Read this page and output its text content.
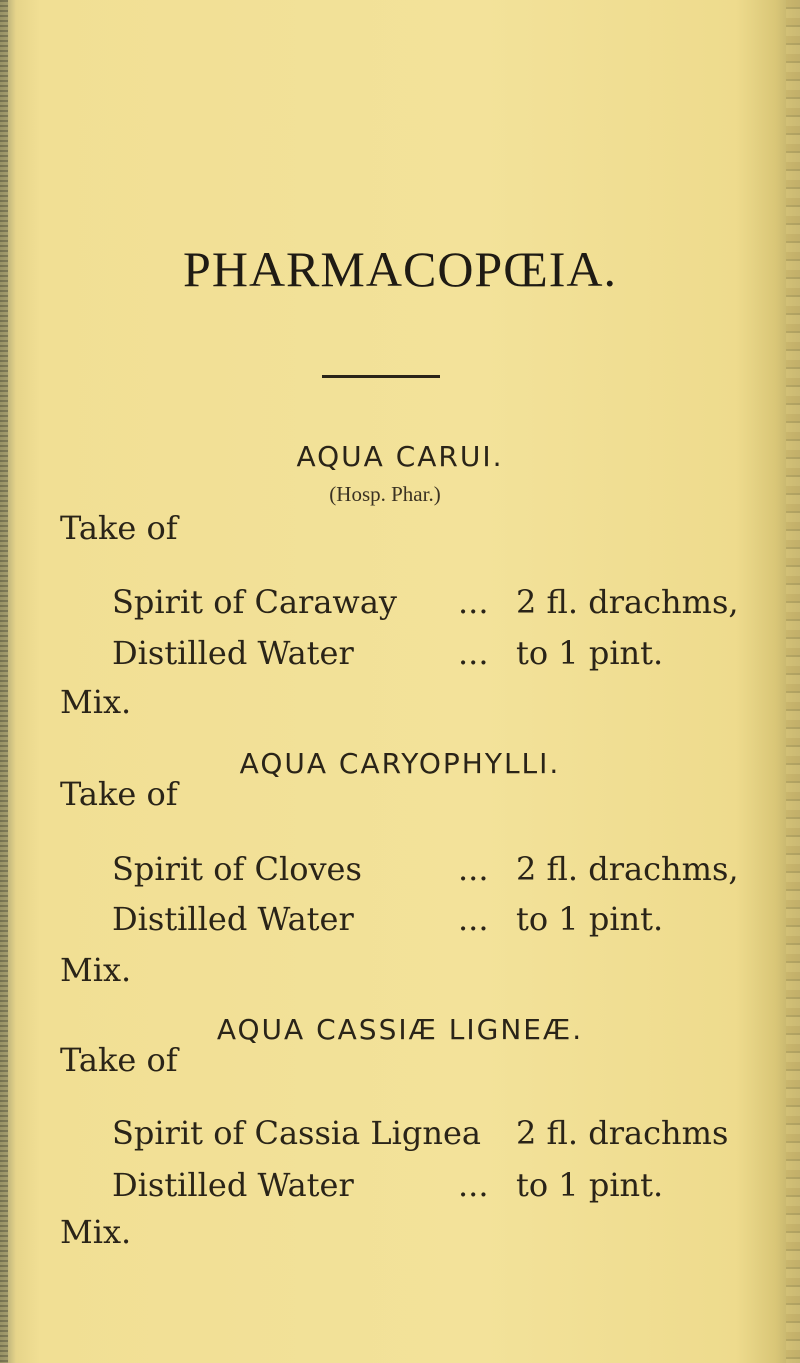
PHARMACOPŒIA.
AQUA CARUI.
(Hosp. Phar.)
Take of
Spirit of Caraway ... 2 fl. drachms,
Distilled Water	... to 1 pint.
Mix.
AQUA CARYOPHYLLI.
Take of
Spirit of Cloves	... 2 fl. drachms,
Distilled Water	... to 1 pint.
Mix.
AQUA CASSIÆ LIGNEÆ.
Take of
Spirit of Cassia Lignea 2 fl. drachms
Distilled Water	... to 1 pint.
Mix.
